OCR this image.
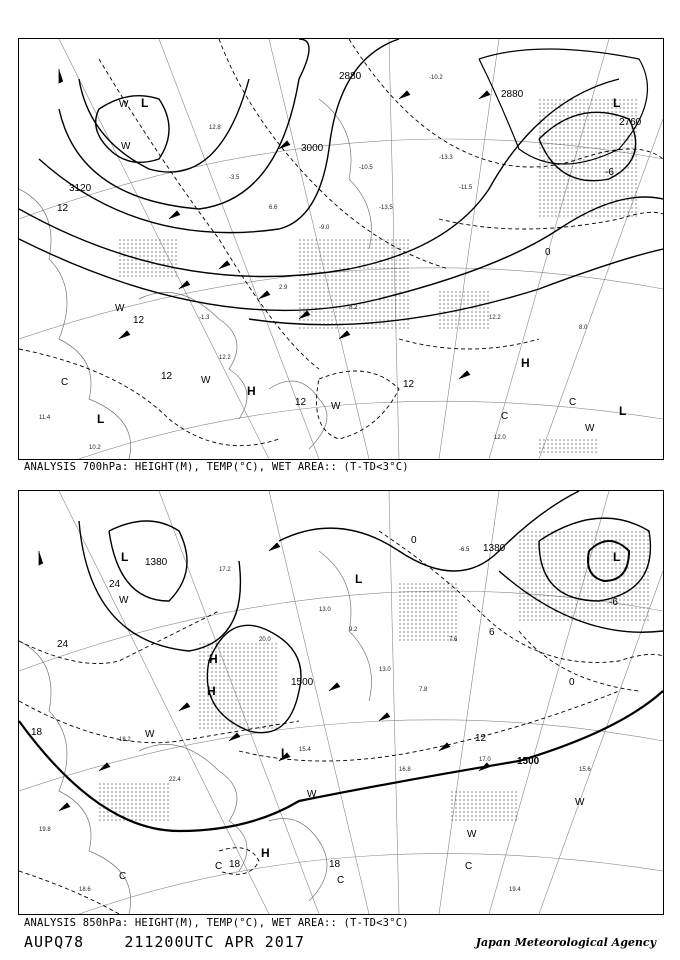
12.8
-3.5
6.6
-9.0
-10.5
-13.5
2.9
-1.3
12.2
8.2
-13.3
-11.5
8.0
12.0
11.4
10.2
-10.2
12.2
2880
2880
2760
3000
3120
12
12
12
12
12
0
-6
H
H
L	L
L
L
W
W
W
W
W
W
C
C
C
ANALYSIS 700hPa: HEIGHT(M), TEMP(°C), WET AREA:: (T-TD<3°C)
17.2
20.0
13.0
9.2
13.0
7.8
15.4
16.8
17.0
15.6
19.8
18.6
-6.5
7.6
19.4
22.4
18.2
1380
1380
1500
1500
24
24
18
18	18
0
6
12
0
-6
H
H
H
L
L
L
L
W
W
W
W
W
C
C
C
C
ANALYSIS 850hPa: HEIGHT(M), TEMP(°C), WET AREA:: (T-TD<3°C)
AUPQ78	211200UTC APR 2017	Japan Meteorological Agency
